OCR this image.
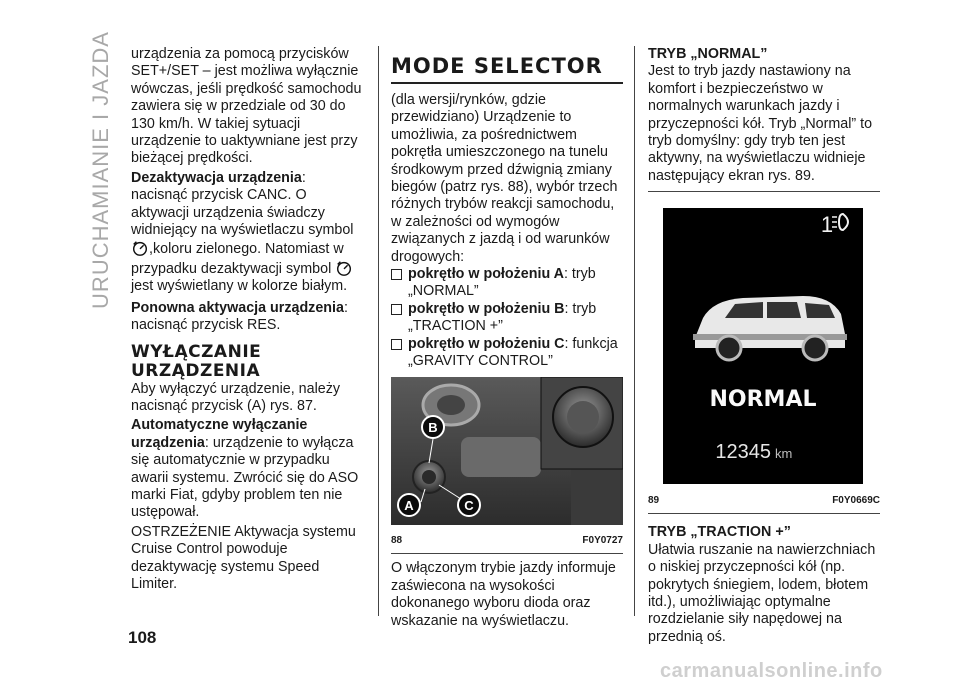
URUCHAMIANIE I JAZDA
108

urządzenia za pomocą przycisków SET+/SET – jest możliwa wyłącznie wówczas, jeśli prędkość samochodu zawiera się w przedziale od 30 do 130 km/h. W takiej sytuacji urządzenie to uaktywniane jest przy bieżącej prędkości.

Dezaktywacja urządzenia: nacisnąć przycisk CANC. O aktywacji urządzenia świadczy widniejący na wyświetlaczu symbol ,koloru zielonego. Natomiast w przypadku dezaktywacji symbol  jest wyświetlany w kolorze białym.

Ponowna aktywacja urządzenia: nacisnąć przycisk RES.

WYŁĄCZANIE URZĄDZENIA

Aby wyłączyć urządzenie, należy nacisnąć przycisk (A) rys. 87.

Automatyczne wyłączanie urządzenia: urządzenie to wyłącza się automatycznie w przypadku awarii systemu. Zwrócić się do ASO marki Fiat, gdyby problem ten nie ustępował.

OSTRZEŻENIE Aktywacja systemu Cruise Control powoduje dezaktywację systemu Speed Limiter.

MODE SELECTOR

(dla wersji/rynków, gdzie przewidziano) Urządzenie to umożliwia, za pośrednictwem pokrętła umieszczonego na tunelu środkowym przed dźwignią zmiany biegów (patrz rys. 88), wybór trzech różnych trybów reakcji samochodu, w zależności od wymogów związanych z jazdą i od warunków drogowych:

pokrętło w położeniu A: tryb „NORMAL”
pokrętło w położeniu B: tryb „TRACTION +”
pokrętło w położeniu C: funkcja „GRAVITY CONTROL”
B
A	C
88	F0Y0727

O włączonym trybie jazdy informuje zaświecona na wysokości dokonanego wyboru dioda oraz wskazanie na wyświetlaczu.

TRYB „NORMAL”

Jest to tryb jazdy nastawiony na komfort i bezpieczeństwo w normalnych warunkach jazdy i przyczepności kół. Tryb „Normal” to tryb domyślny: gdy tryb ten jest aktywny, na wyświetlaczu widnieje następujący ekran rys. 89.

1
NORMAL
12345 km
89	F0Y0669C
TRYB „TRACTION +”

Ułatwia ruszanie na nawierzchniach o niskiej przyczepności kół (np. pokrytych śniegiem, lodem, błotem itd.), umożliwiając optymalne rozdzielanie siły napędowej na przednią oś.

carmanualsonline.info
